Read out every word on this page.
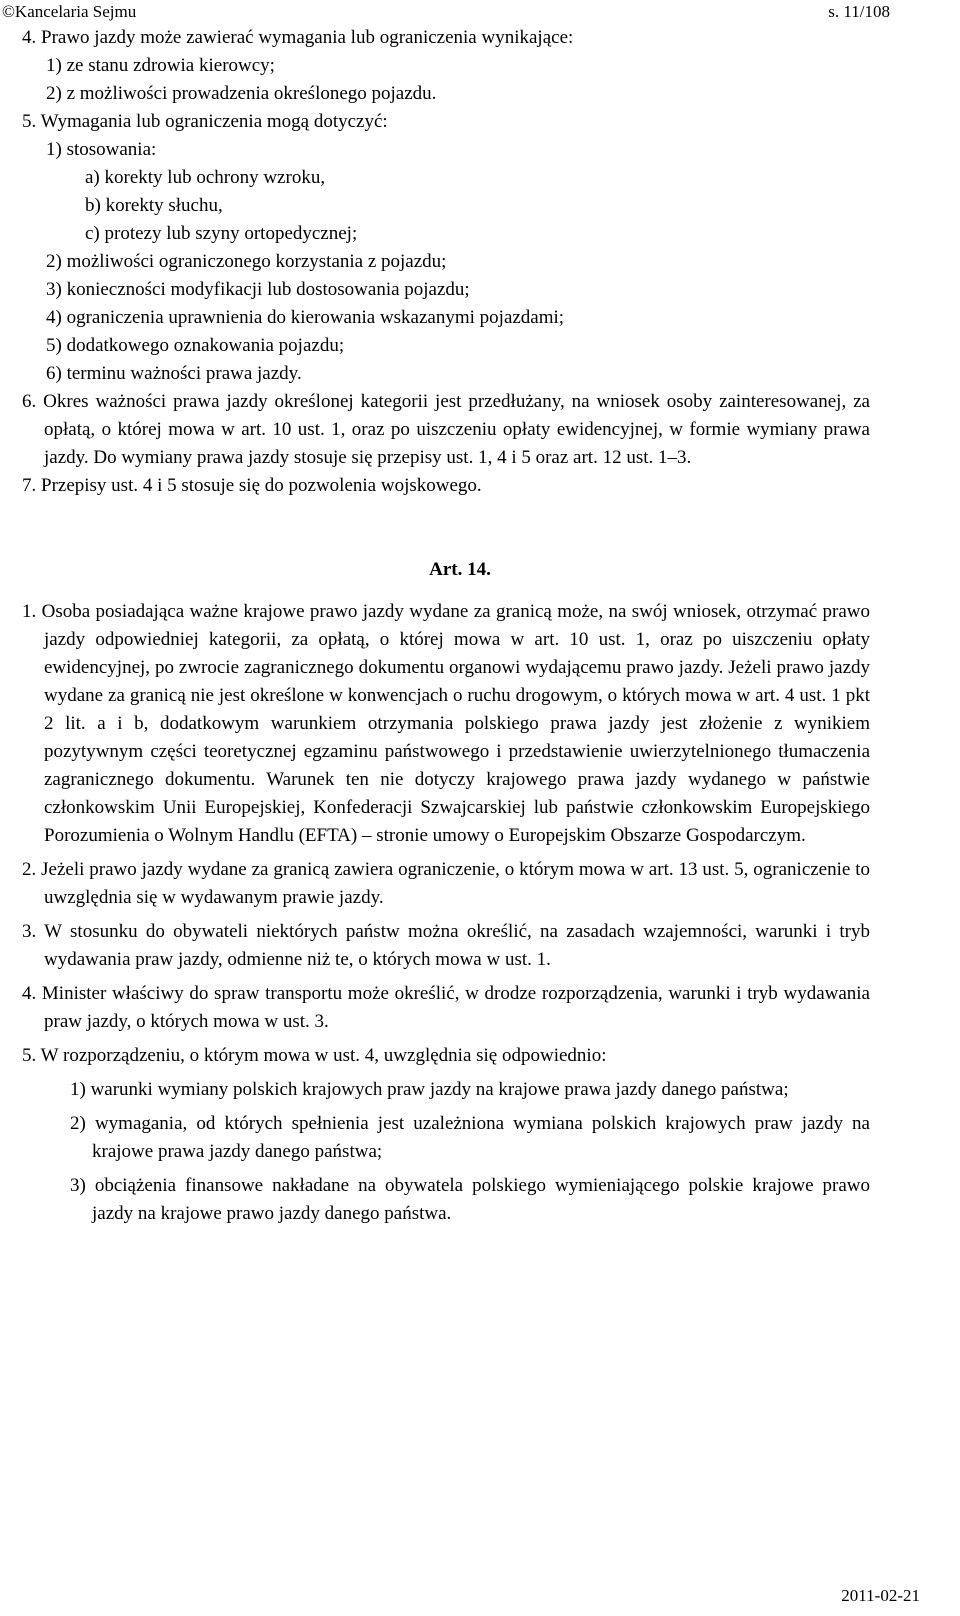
©Kancelaria Sejmu	s. 11/108

4. Prawo jazdy może zawierać wymagania lub ograniczenia wynikające:

1) ze stanu zdrowia kierowcy;

2) z możliwości prowadzenia określonego pojazdu.

5. Wymagania lub ograniczenia mogą dotyczyć:

1) stosowania:

a) korekty lub ochrony wzroku,

b) korekty słuchu,

c) protezy lub szyny ortopedycznej;

2) możliwości ograniczonego korzystania z pojazdu;

3) konieczności modyfikacji lub dostosowania pojazdu;

4) ograniczenia uprawnienia do kierowania wskazanymi pojazdami;

5) dodatkowego oznakowania pojazdu;

6) terminu ważności prawa jazdy.

6. Okres ważności prawa jazdy określonej kategorii jest przedłużany, na wniosek osoby zainteresowanej, za opłatą, o której mowa w art. 10 ust. 1, oraz po uiszczeniu opłaty ewidencyjnej, w formie wymiany prawa jazdy. Do wymiany prawa jazdy stosuje się przepisy ust. 1, 4 i 5 oraz art. 12 ust. 1–3.

7. Przepisy ust. 4 i 5 stosuje się do pozwolenia wojskowego.

Art. 14.

1. Osoba posiadająca ważne krajowe prawo jazdy wydane za granicą może, na swój wniosek, otrzymać prawo jazdy odpowiedniej kategorii, za opłatą, o której mowa w art. 10 ust. 1, oraz po uiszczeniu opłaty ewidencyjnej, po zwrocie zagranicznego dokumentu organowi wydającemu prawo jazdy. Jeżeli prawo jazdy wydane za granicą nie jest określone w konwencjach o ruchu drogowym, o których mowa w art. 4 ust. 1 pkt 2 lit. a i b, dodatkowym warunkiem otrzymania polskiego prawa jazdy jest złożenie z wynikiem pozytywnym części teoretycznej egzaminu państwowego i przedstawienie uwierzytelnionego tłumaczenia zagranicznego dokumentu. Warunek ten nie dotyczy krajowego prawa jazdy wydanego w państwie członkowskim Unii Europejskiej, Konfederacji Szwajcarskiej lub państwie członkowskim Europejskiego Porozumienia o Wolnym Handlu (EFTA) – stronie umowy o Europejskim Obszarze Gospodarczym.

2. Jeżeli prawo jazdy wydane za granicą zawiera ograniczenie, o którym mowa w art. 13 ust. 5, ograniczenie to uwzględnia się w wydawanym prawie jazdy.

3. W stosunku do obywateli niektórych państw można określić, na zasadach wzajemności, warunki i tryb wydawania praw jazdy, odmienne niż te, o których mowa w ust. 1.

4. Minister właściwy do spraw transportu może określić, w drodze rozporządzenia, warunki i tryb wydawania praw jazdy, o których mowa w ust. 3.

5. W rozporządzeniu, o którym mowa w ust. 4, uwzględnia się odpowiednio:

1) warunki wymiany polskich krajowych praw jazdy na krajowe prawa jazdy danego państwa;

2) wymagania, od których spełnienia jest uzależniona wymiana polskich krajowych praw jazdy na krajowe prawa jazdy danego państwa;

3) obciążenia finansowe nakładane na obywatela polskiego wymieniającego polskie krajowe prawo jazdy na krajowe prawo jazdy danego państwa.

2011-02-21
